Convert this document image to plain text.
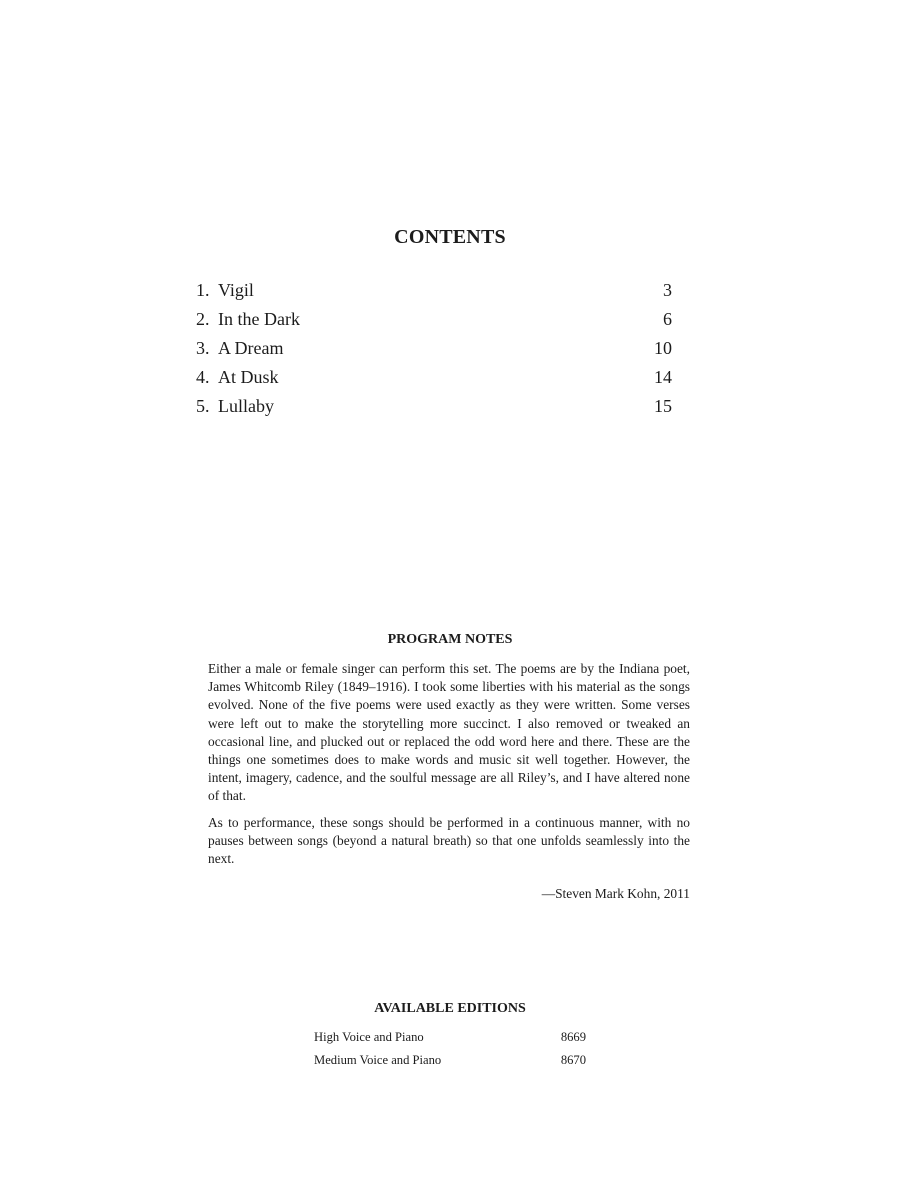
CONTENTS
1. Vigil	3
2. In the Dark	6
3. A Dream	10
4. At Dusk	14
5. Lullaby	15
PROGRAM NOTES

Either a male or female singer can perform this set. The poems are by the Indiana poet, James Whitcomb Riley (1849–1916). I took some liberties with his material as the songs evolved. None of the five poems were used exactly as they were written. Some verses were left out to make the storytelling more succinct. I also removed or tweaked an occasional line, and plucked out or replaced the odd word here and there. These are the things one sometimes does to make words and music sit well together. However, the intent, imagery, cadence, and the soulful message are all Riley’s, and I have altered none of that.

As to performance, these songs should be performed in a continuous manner, with no pauses between songs (beyond a natural breath) so that one unfolds seamlessly into the next.

—Steven Mark Kohn, 2011
AVAILABLE EDITIONS
High Voice and Piano	8669
Medium Voice and Piano	8670
